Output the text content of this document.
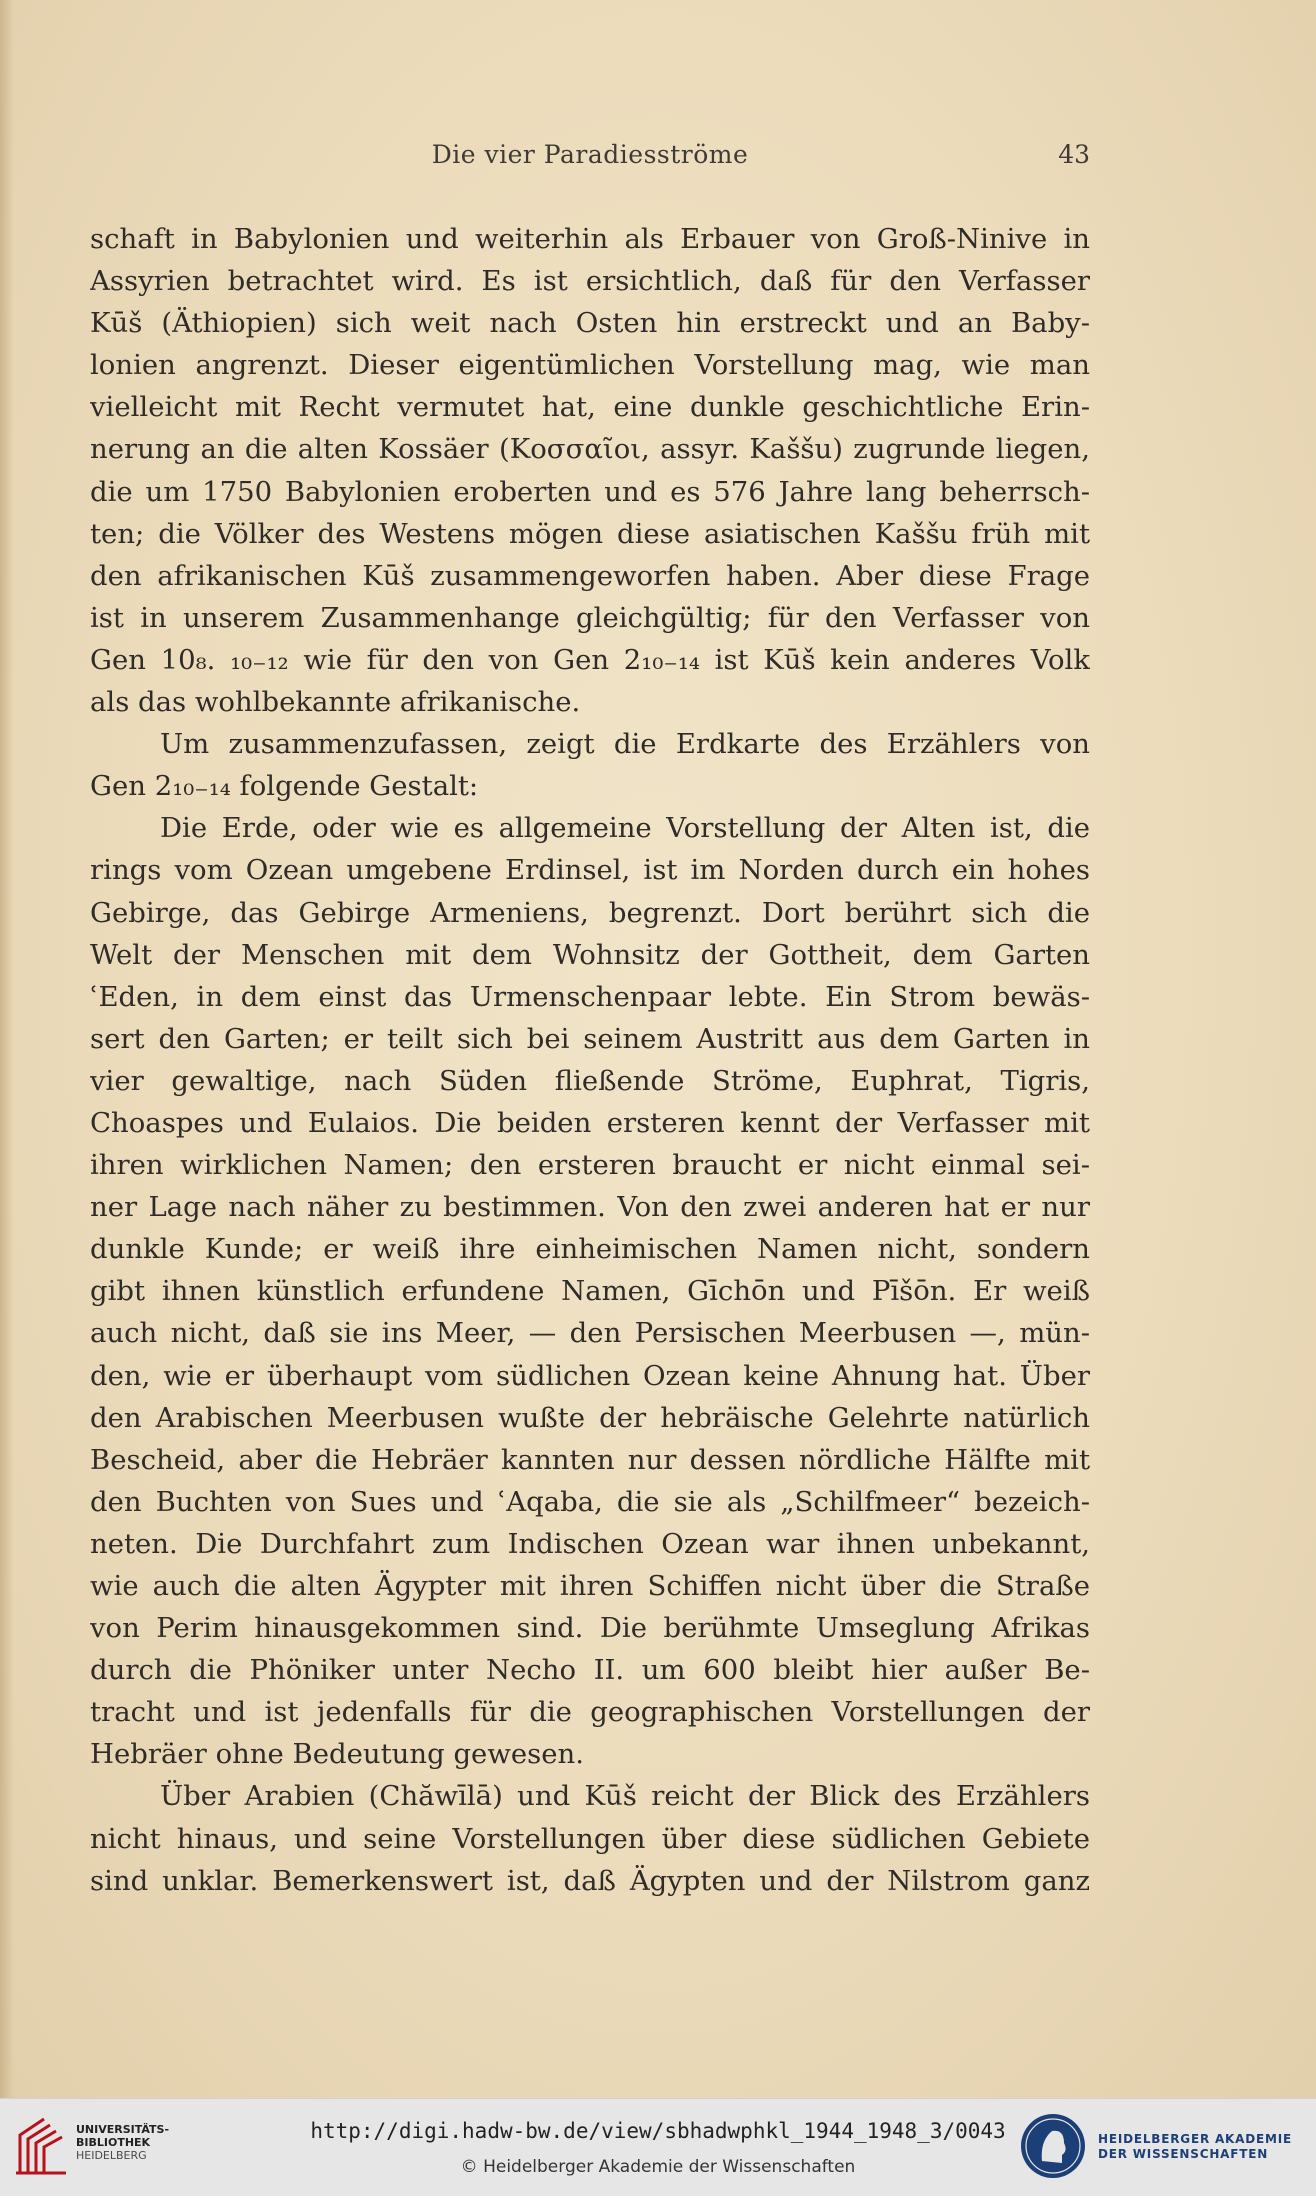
Die vier Paradiesströme	43
schaft in Babylonien und weiterhin als Erbauer von Groß-Ninive in
Assyrien betrachtet wird. Es ist ersichtlich, daß für den Verfasser
Kūš (Äthiopien) sich weit nach Osten hin erstreckt und an Baby-
lonien angrenzt. Dieser eigentümlichen Vorstellung mag, wie man
vielleicht mit Recht vermutet hat, eine dunkle geschichtliche Erin-
nerung an die alten Kossäer (Κοσσαῖοι, assyr. Kaššu) zugrunde liegen,
die um 1750 Babylonien eroberten und es 576 Jahre lang beherrsch-
ten; die Völker des Westens mögen diese asiatischen Kaššu früh mit
den afrikanischen Kūš zusammengeworfen haben. Aber diese Frage
ist in unserem Zusammenhange gleichgültig; für den Verfasser von
Gen 10₈. ₁₀₋₁₂ wie für den von Gen 2₁₀₋₁₄ ist Kūš kein anderes Volk
als das wohlbekannte afrikanische.
Um zusammenzufassen, zeigt die Erdkarte des Erzählers von
Gen 2₁₀₋₁₄ folgende Gestalt:
Die Erde, oder wie es allgemeine Vorstellung der Alten ist, die
rings vom Ozean umgebene Erdinsel, ist im Norden durch ein hohes
Gebirge, das Gebirge Armeniens, begrenzt. Dort berührt sich die
Welt der Menschen mit dem Wohnsitz der Gottheit, dem Garten
ʿEden, in dem einst das Urmenschenpaar lebte. Ein Strom bewäs-
sert den Garten; er teilt sich bei seinem Austritt aus dem Garten in
vier gewaltige, nach Süden fließende Ströme, Euphrat, Tigris,
Choaspes und Eulaios. Die beiden ersteren kennt der Verfasser mit
ihren wirklichen Namen; den ersteren braucht er nicht einmal sei-
ner Lage nach näher zu bestimmen. Von den zwei anderen hat er nur
dunkle Kunde; er weiß ihre einheimischen Namen nicht, sondern
gibt ihnen künstlich erfundene Namen, Gīchōn und Pīšōn. Er weiß
auch nicht, daß sie ins Meer, — den Persischen Meerbusen —, mün-
den, wie er überhaupt vom südlichen Ozean keine Ahnung hat. Über
den Arabischen Meerbusen wußte der hebräische Gelehrte natürlich
Bescheid, aber die Hebräer kannten nur dessen nördliche Hälfte mit
den Buchten von Sues und ʿAqaba, die sie als „Schilfmeer“ bezeich-
neten. Die Durchfahrt zum Indischen Ozean war ihnen unbekannt,
wie auch die alten Ägypter mit ihren Schiffen nicht über die Straße
von Perim hinausgekommen sind. Die berühmte Umseglung Afrikas
durch die Phöniker unter Necho II. um 600 bleibt hier außer Be-
tracht und ist jedenfalls für die geographischen Vorstellungen der
Hebräer ohne Bedeutung gewesen.
Über Arabien (Chăwīlā) und Kūš reicht der Blick des Erzählers
nicht hinaus, und seine Vorstellungen über diese südlichen Gebiete
sind unklar. Bemerkenswert ist, daß Ägypten und der Nilstrom ganz
UNIVERSITÄTS-
BIBLIOTHEK
HEIDELBERG
http://digi.hadw-bw.de/view/sbhadwphkl_1944_1948_3/0043
© Heidelberger Akademie der Wissenschaften
HEIDELBERGER AKADEMIE
DER WISSENSCHAFTEN
